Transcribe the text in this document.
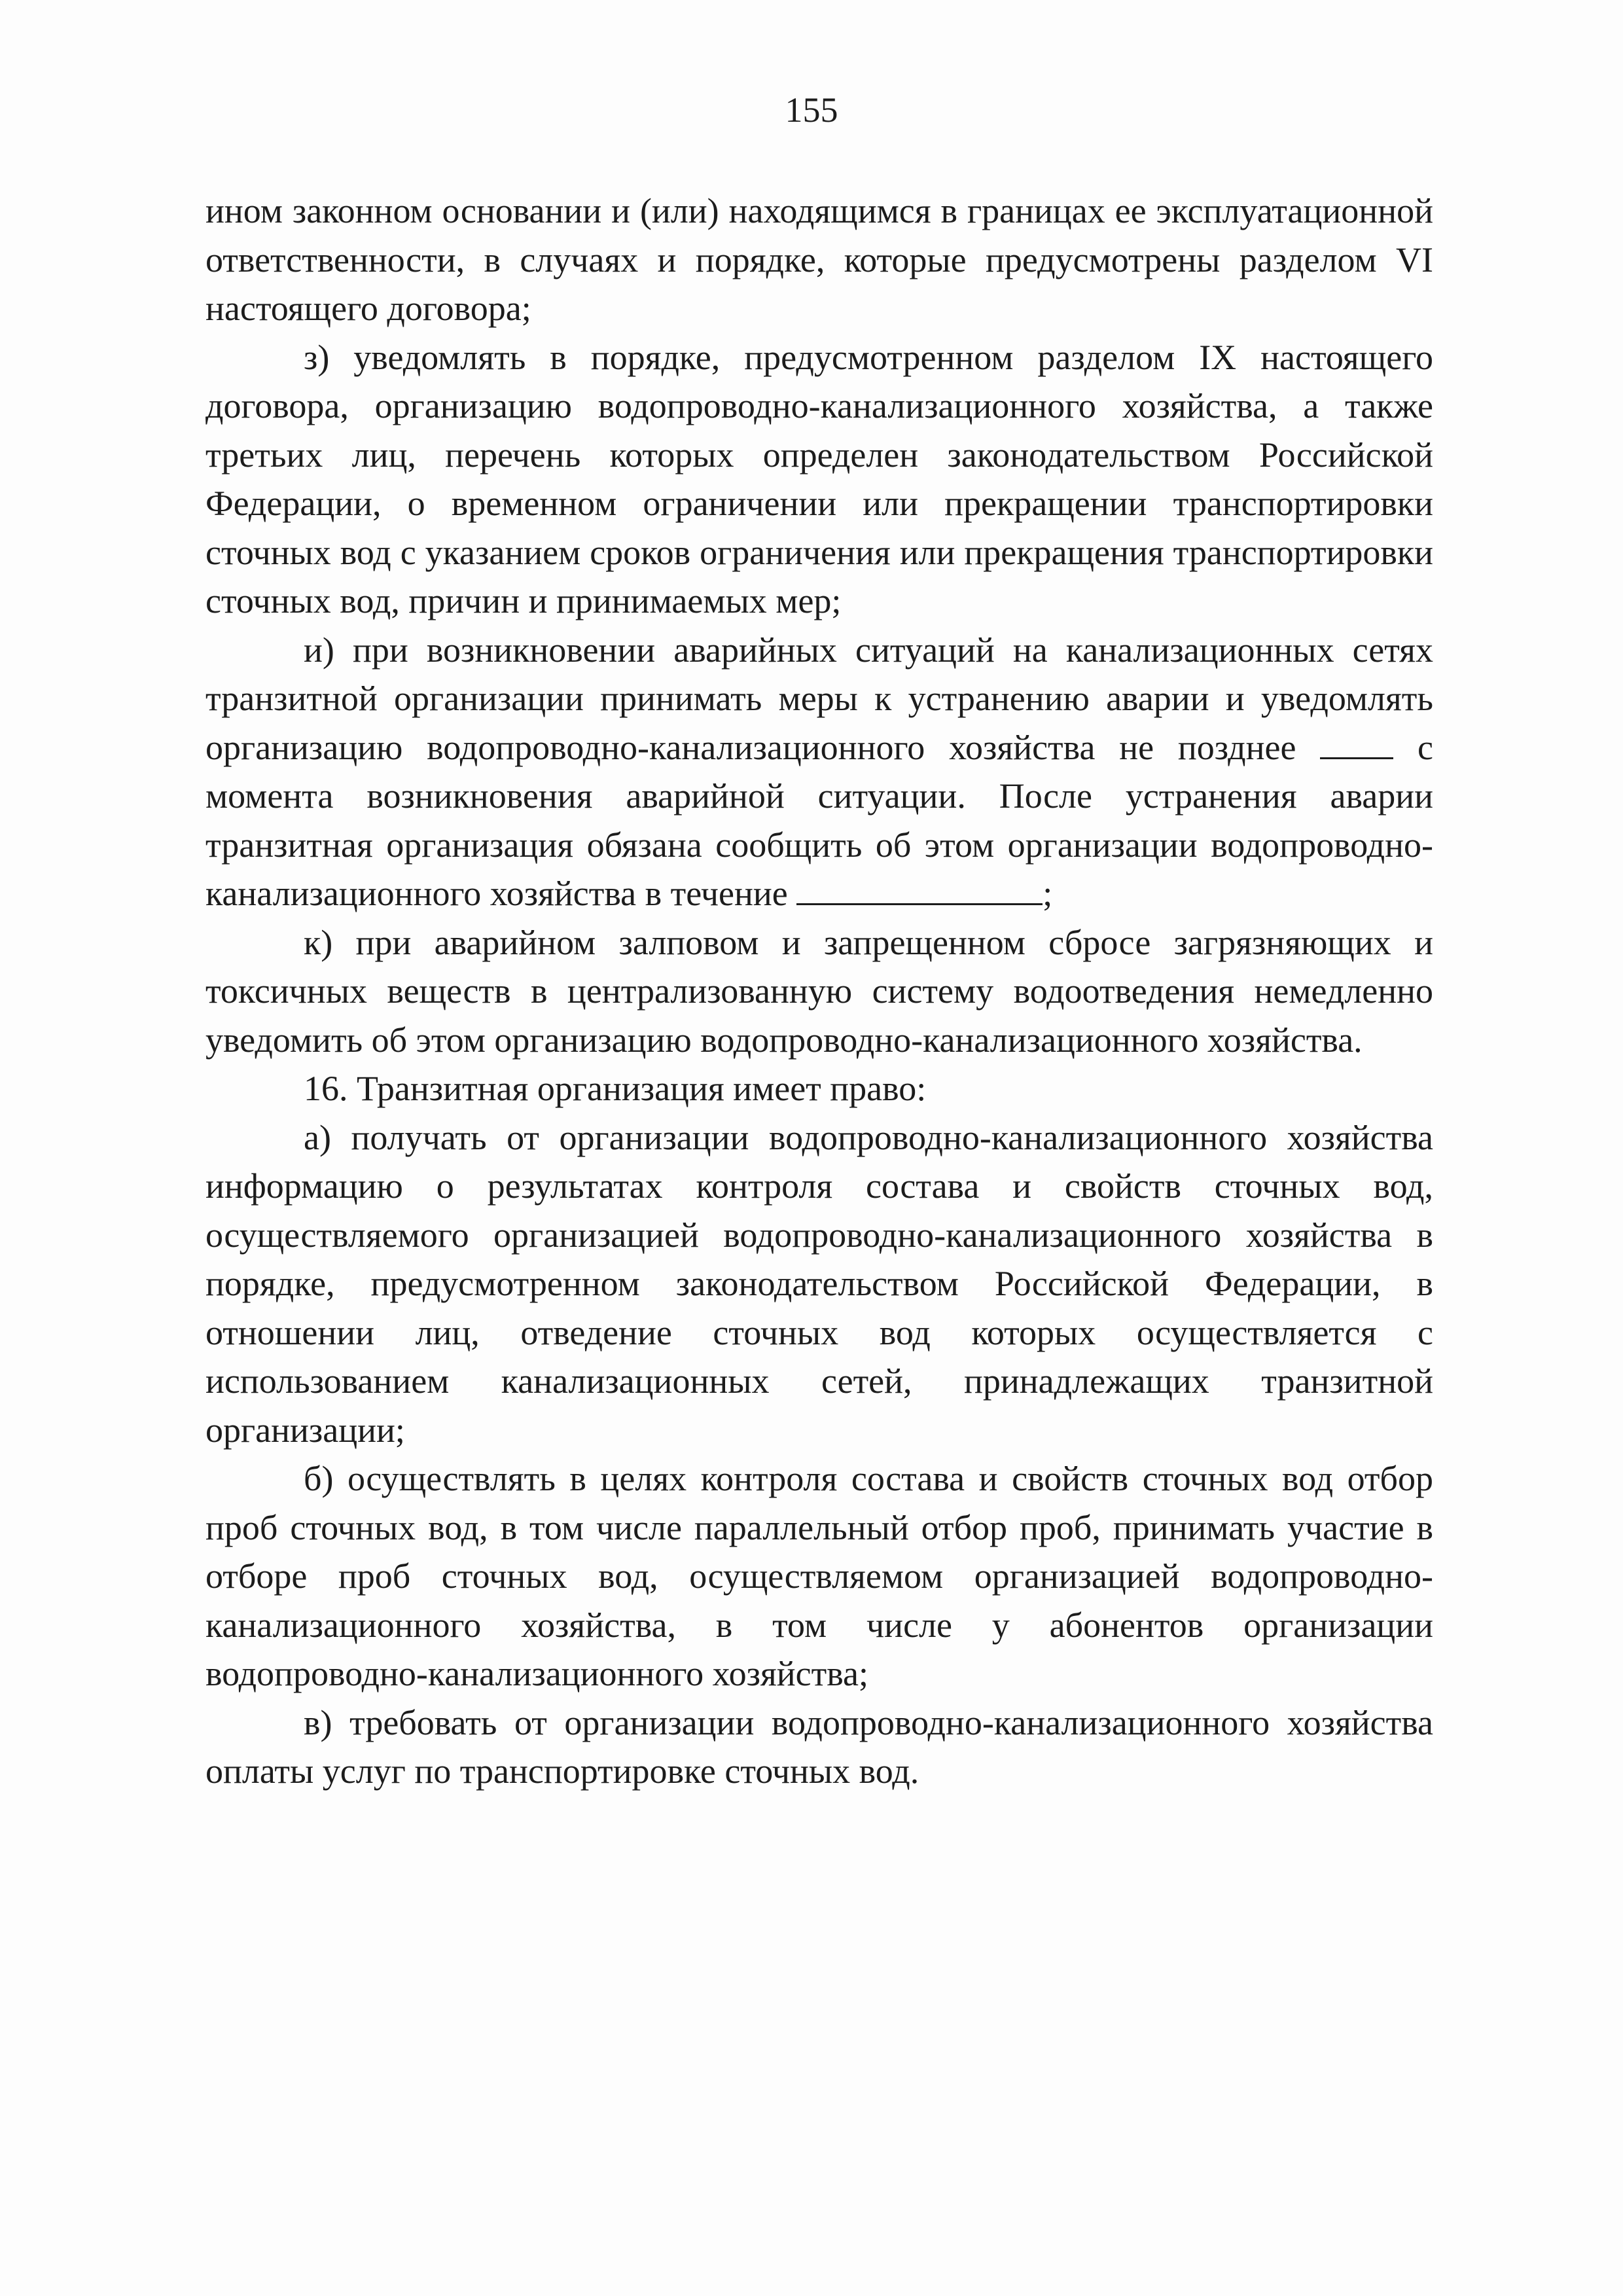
155

ином законном основании и (или) находящимся в границах ее эксплуатационной ответственности, в случаях и порядке, которые предусмотрены разделом VI настоящего договора;

з) уведомлять в порядке, предусмотренном разделом IX настоящего договора, организацию водопроводно-канализационного хозяйства, а также третьих лиц, перечень которых определен законодательством Российской Федерации, о временном ограничении или прекращении транспортировки сточных вод с указанием сроков ограничения или прекращения транспортировки сточных вод, причин и принимаемых мер;

и) при возникновении аварийных ситуаций на канализационных сетях транзитной организации принимать меры к устранению аварии и уведомлять организацию водопроводно-канализационного хозяйства не позднее  с момента возникновения аварийной ситуации. После устранения аварии транзитная организация обязана сообщить об этом организации водопроводно-канализационного хозяйства в течение	;

к) при аварийном залповом и запрещенном сбросе загрязняющих и токсичных веществ в централизованную систему водоотведения немедленно уведомить об этом организацию водопроводно-канализационного хозяйства.

16. Транзитная организация имеет право:

а) получать от организации водопроводно-канализационного хозяйства информацию о результатах контроля состава и свойств сточных вод, осуществляемого организацией водопроводно-канализационного хозяйства в порядке, предусмотренном законодательством Российской Федерации, в отношении лиц, отведение сточных вод которых осуществляется с использованием канализационных сетей, принадлежащих транзитной организации;

б) осуществлять в целях контроля состава и свойств сточных вод отбор проб сточных вод, в том числе параллельный отбор проб, принимать участие в отборе проб сточных вод, осуществляемом организацией водопроводно-канализационного хозяйства, в том числе у абонентов организации водопроводно-канализационного хозяйства;

в) требовать от организации водопроводно-канализационного хозяйства оплаты услуг по транспортировке сточных вод.
